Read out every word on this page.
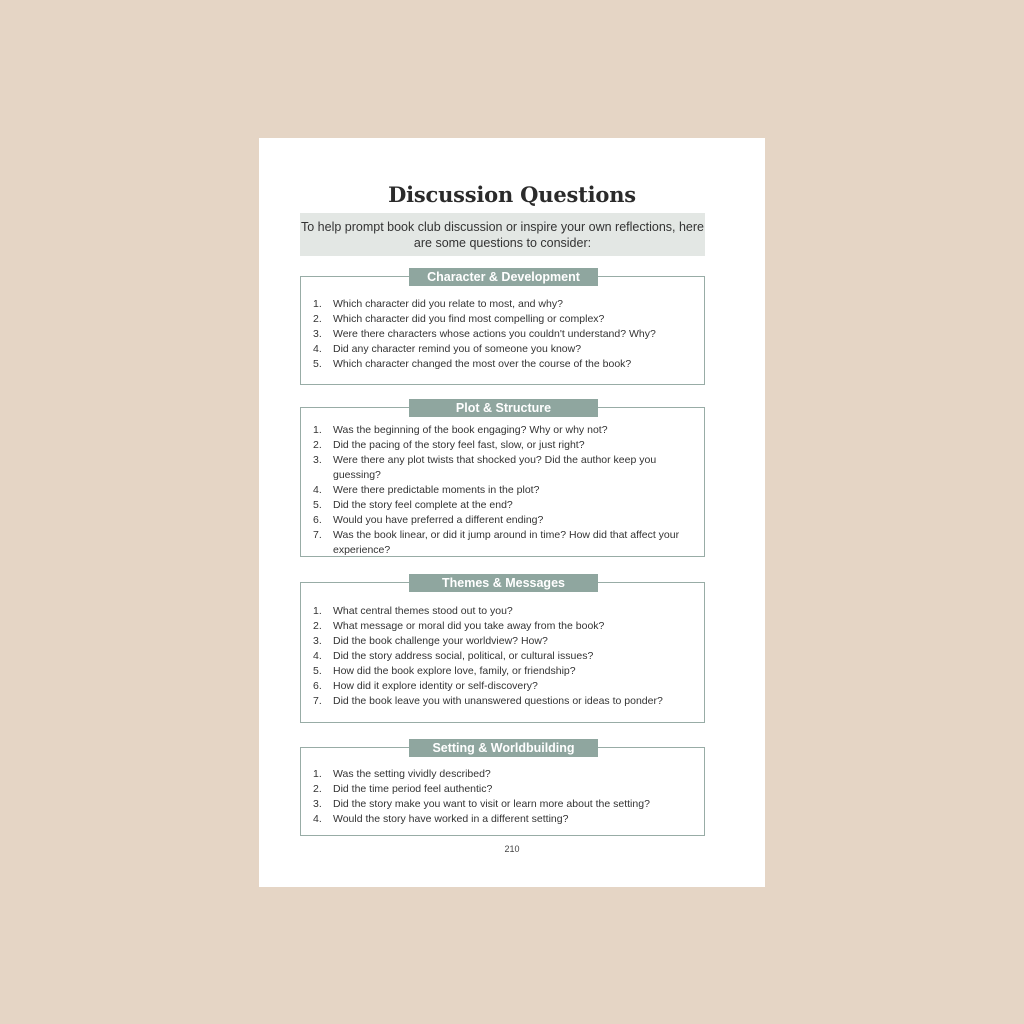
Discussion Questions
To help prompt book club discussion or inspire your own reflections, here are some questions to consider:
Character & Development
1. Which character did you relate to most, and why?
2. Which character did you find most compelling or complex?
3. Were there characters whose actions you couldn't understand? Why?
4. Did any character remind you of someone you know?
5. Which character changed the most over the course of the book?
Plot & Structure
1. Was the beginning of the book engaging? Why or why not?
2. Did the pacing of the story feel fast, slow, or just right?
3. Were there any plot twists that shocked you? Did the author keep you guessing?
4. Were there predictable moments in the plot?
5. Did the story feel complete at the end?
6. Would you have preferred a different ending?
7. Was the book linear, or did it jump around in time? How did that affect your experience?
Themes & Messages
1. What central themes stood out to you?
2. What message or moral did you take away from the book?
3. Did the book challenge your worldview? How?
4. Did the story address social, political, or cultural issues?
5. How did the book explore love, family, or friendship?
6. How did it explore identity or self-discovery?
7. Did the book leave you with unanswered questions or ideas to ponder?
Setting & Worldbuilding
1. Was the setting vividly described?
2. Did the time period feel authentic?
3. Did the story make you want to visit or learn more about the setting?
4. Would the story have worked in a different setting?
210
